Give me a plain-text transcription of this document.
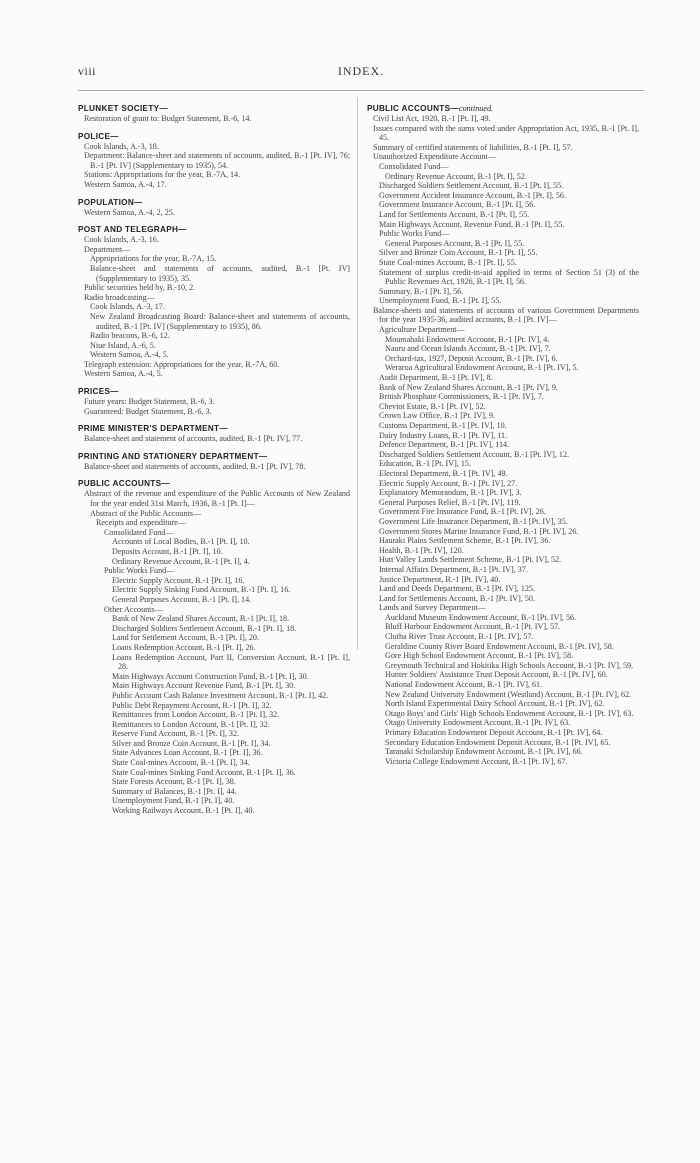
viii	INDEX.
PLUNKET SOCIETY—
Restoration of grant to: Budget Statement, B.-6, 14.
POLICE—
Cook Islands, A.-3, 18.
Department: Balance-sheet and statements of accounts, audited, B.-1 [Pt. IV], 76; B.-1 [Pt. IV] (Supplementary to 1935), 54.
Stations: Appropriations for the year, B.-7A, 14.
Western Samoa, A.-4, 17.
POPULATION—
Western Samoa, A.-4, 2, 25.
POST AND TELEGRAPH—
Cook Islands, A.-3, 16.
Department—
Appropriations for the year, B.-7A, 15.
Balance-sheet and statements of accounts, audited, B.-1 [Pt. IV] (Supplementary to 1935), 35.
Public securities held by, B.-10, 2.
Radio broadcasting—
Cook Islands, A.-3, 17.
New Zealand Broadcasting Board: Balance-sheet and statements of accounts, audited, B.-1 [Pt. IV] (Supplementary to 1935), 86.
Radio beacons, B.-6, 12.
Niue Island, A.-6, 5.
Western Samoa, A.-4, 5.
Telegraph extension: Appropriations for the year, B.-7A, 60.
Western Samoa, A.-4, 5.
PRICES—
Future years: Budget Statement, B.-6, 3.
Guaranteed: Budget Statement, B.-6, 3.
PRIME MINISTER'S DEPARTMENT—
Balance-sheet and statement of accounts, audited, B.-1 [Pt. IV], 77.
PRINTING AND STATIONERY DEPARTMENT—
Balance-sheet and statements of accounts, audited, B.-1 [Pt. IV], 78.
PUBLIC ACCOUNTS—
Abstract of the revenue and expenditure of the Public Accounts of New Zealand for the year ended 31st March, 1936, B.-1 [Pt. I]—
Abstract of the Public Accounts—
Receipts and expenditure—
Consolidated Fund—
Accounts of Local Bodies, B.-1 [Pt. I], 10.
Deposits Account, B.-1 [Pt. I], 10.
Ordinary Revenue Account, B.-1 [Pt. I], 4.
Public Works Fund—
Electric Supply Account, B.-1 [Pt. I], 16.
Electric Supply Sinking Fund Account, B.-1 [Pt. I], 16.
General Purposes Account, B.-1 [Pt. I], 14.
Other Accounts—
Bank of New Zealand Shares Account, B.-1 [Pt. I], 18.
Discharged Soldiers Settlement Account, B.-1 [Pt. I], 18.
Land for Settlement Account, B.-1 [Pt. I], 20.
Loans Redemption Account, B.-1 [Pt. I], 26.
Loans Redemption Account, Part II, Conversion Account, B.-1 [Pt. I], 28.
Main Highways Account Construction Fund, B.-1 [Pt. I], 30.
Main Highways Account Revenue Fund, B.-1 [Pt. I], 30.
Public Account Cash Balance Investment Account, B.-1 [Pt. I], 42.
Public Debt Repayment Account, B.-1 [Pt. I], 32.
Remittances from London Account, B.-1 [Pt. I], 32.
Remittances to London Account, B.-1 [Pt. I], 32.
Reserve Fund Account, B.-1 [Pt. I], 32.
Silver and Bronze Coin Account, B.-1 [Pt. I], 34.
State Advances Loan Account, B.-1 [Pt. I], 36.
State Coal-mines Account, B.-1 [Pt. I], 34.
State Coal-mines Sinking Fund Account, B.-1 [Pt. I], 36.
State Forests Account, B.-1 [Pt. I], 38.
Summary of Balances, B.-1 [Pt. I], 44.
Unemployment Fund, B.-1 [Pt. I], 40.
Working Railways Account, B.-1 [Pt. I], 40.
PUBLIC ACCOUNTS—continued.
Civil List Act, 1920, B.-1 [Pt. I], 49.
Issues compared with the sums voted under Appropriation Act, 1935, B.-1 [Pt. I], 45.
Summary of certified statements of liabilities, B.-1 [Pt. I], 57.
Unauthorized Expenditure Account—
Consolidated Fund—
Ordinary Revenue Account, B.-1 [Pt. I], 52.
Discharged Soldiers Settlement Account, B.-1 [Pt. I], 55.
Government Accident Insurance Account, B.-1 [Pt. I], 56.
Government Insurance Account, B.-1 [Pt. I], 56.
Land for Settlements Account, B.-1 [Pt. I], 55.
Main Highways Account, Revenue Fund, B.-1 [Pt. I], 55.
Public Works Fund—
General Purposes Account, B.-1 [Pt. I], 55.
Silver and Bronze Coin Account, B.-1 [Pt. I], 55.
State Coal-mines Account, B.-1 [Pt. I], 55.
Statement of surplus credit-in-aid applied in terms of Section 51 (3) of the Public Revenues Act, 1926, B.-1 [Pt. I], 56.
Summary, B.-1 [Pt. I], 56.
Unemployment Fund, B.-1 [Pt. I], 55.
Balance-sheets and statements of accounts of various Government Departments for the year 1935-36, audited accounts, B.-1 [Pt. IV]—
Agriculture Department—
Moumahaki Endowment Account, B.-1 [Pt. IV], 4.
Nauru and Ocean Islands Account, B.-1 [Pt. IV], 7.
Orchard-tax, 1927, Deposit Account, B.-1 [Pt. IV], 6.
Weraroa Agricultural Endowment Account, B.-1 [Pt. IV], 5.
Audit Department, B.-1 [Pt. IV], 8.
Bank of New Zealand Shares Account, B.-1 [Pt. IV], 9.
British Phosphate Commissioners, B.-1 [Pt. IV], 7.
Cheviot Estate, B.-1 [Pt. IV], 52.
Crown Law Office, B.-1 [Pt. IV], 9.
Customs Department, B.-1 [Pt. IV], 10.
Dairy Industry Loans, B.-1 [Pt. IV], 11.
Defence Department, B.-1 [Pt. IV], 114.
Discharged Soldiers Settlement Account, B.-1 [Pt. IV], 12.
Education, B.-1 [Pt. IV], 15.
Electoral Department, B.-1 [Pt. IV], 49.
Electric Supply Account, B.-1 [Pt. IV], 27.
Explanatory Memorandum, B.-1 [Pt. IV], 3.
General Purposes Relief, B.-1 [Pt. IV], 119.
Government Fire Insurance Fund, B.-1 [Pt. IV], 26.
Government Life Insurance Department, B.-1 [Pt. IV], 35.
Government Stores Marine Insurance Fund, B.-1 [Pt. IV], 26.
Hauraki Plains Settlement Scheme, B.-1 [Pt. IV], 36.
Health, B.-1 [Pt. IV], 120.
Hutt Valley Lands Settlement Scheme, B.-1 [Pt. IV], 52.
Internal Affairs Department, B.-1 [Pt. IV], 37.
Justice Department, B.-1 [Pt. IV], 40.
Land and Deeds Department, B.-1 [Pt. IV], 125.
Land for Settlements Account, B.-1 [Pt. IV], 50.
Lands and Survey Department—
Auckland Museum Endowment Account, B.-1 [Pt. IV], 56.
Bluff Harbour Endowment Account, B.-1 [Pt. IV], 57.
Clutha River Trust Account, B.-1 [Pt. IV], 57.
Geraldine County River Board Endowment Account, B.-1 [Pt. IV], 58.
Gore High School Endowment Account, B.-1 [Pt. IV], 58.
Greymouth Technical and Hokitika High Schools Account, B.-1 [Pt. IV], 59.
Hunter Soldiers' Assistance Trust Deposit Account, B.-1 [Pt. IV], 60.
National Endowment Account, B.-1 [Pt. IV], 61.
New Zealand University Endowment (Westland) Account, B.-1 [Pt. IV], 62.
North Island Experimental Dairy School Account, B.-1 [Pt. IV], 62.
Otago Boys' and Girls' High Schools Endowment Account, B.-1 [Pt. IV], 63.
Otago University Endowment Account, B.-1 [Pt. IV], 63.
Primary Education Endowment Deposit Account, B.-1 [Pt. IV], 64.
Secondary Education Endowment Deposit Account, B.-1 [Pt. IV], 65.
Taranaki Scholarship Endowment Account, B.-1 [Pt. IV], 66.
Victoria College Endowment Account, B.-1 [Pt. IV], 67.
